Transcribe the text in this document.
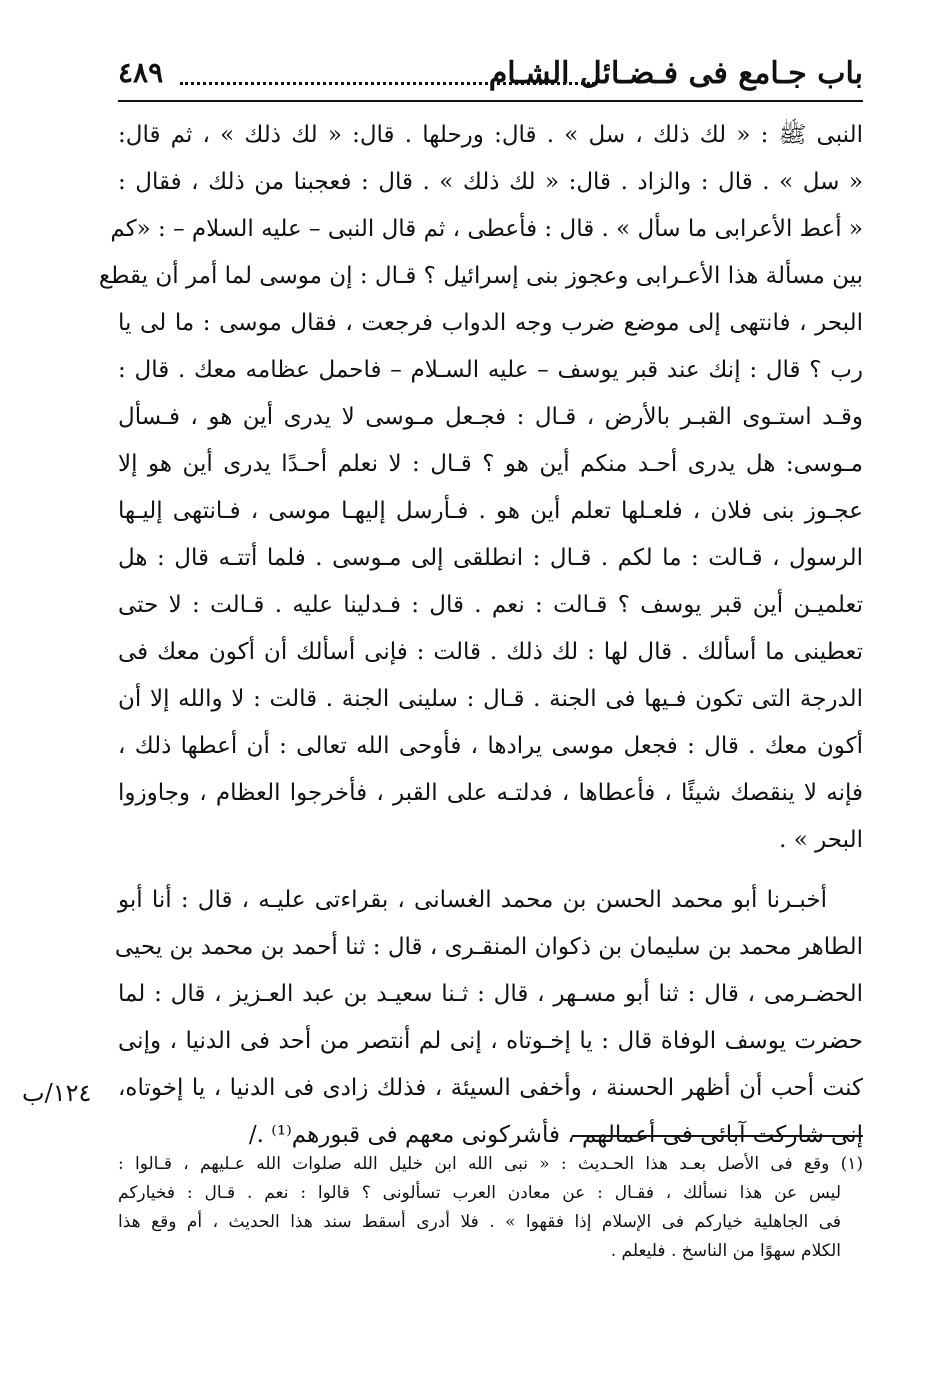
باب جـامع فى فـضـائل الشـام
٤٨٩
النبى ﷺ : « لك ذلك ، سل » . قال: ورحلها . قال: « لك ذلك » ، ثم قال:
« سل » . قال : والزاد . قال: « لك ذلك » . قال : فعجبنا من ذلك ، فقال :
« أعط الأعرابى ما سأل » . قال : فأعطى ، ثم قال النبى – عليه السلام – : «كم
بين مسألة هذا الأعـرابى وعجوز بنى إسرائيل ؟ قـال : إن موسى لما أمر أن يقطع
البحر ، فانتهى إلى موضع ضرب وجه الدواب فرجعت ، فقال موسى : ما لى يا
رب ؟ قال : إنك عند قبر يوسف – عليه السـلام – فاحمل عظامه معك . قال :
وقـد استـوى القبـر بالأرض ، قـال : فجـعل مـوسى لا يدرى أين هو ، فـسأل
مـوسى: هل يدرى أحـد منكم أين هو ؟ قـال : لا نعلم أحـدًا يدرى أين هو إلا
عجـوز بنى فلان ، فلعـلها تعلم أين هو . فـأرسل إليهـا موسى ، فـانتهى إليـها
الرسول ، قـالت : ما لكم . قـال : انطلقى إلى مـوسى . فلما أتتـه قال : هل
تعلميـن أين قبر يوسف ؟ قـالت : نعم . قال : فـدلينا عليه . قـالت : لا حتى
تعطينى ما أسألك . قال لها : لك ذلك . قالت : فإنى أسألك أن أكون معك فى
الدرجة التى تكون فـيها فى الجنة . قـال : سلينى الجنة . قالت : لا والله إلا أن
أكون معك . قال : فجعل موسى يرادها ، فأوحى الله تعالى : أن أعطها ذلك ،
فإنه لا ينقصك شيئًا ، فأعطاها ، فدلتـه على القبر ، فأخرجوا العظام ، وجاوزوا
البحر » .
أخبـرنا أبو محمد الحسن بن محمد الغسانى ، بقراءتى عليـه ، قال : أنا أبو
الطاهر محمد بن سليمان بن ذكوان المنقـرى ، قال : ثنا أحمد بن محمد بن يحيى
الحضـرمى ، قال : ثنا أبو مسـهر ، قال : ثـنا سعيـد بن عبد العـزيز ، قال : لما
حضرت يوسف الوفاة قال : يا إخـوتاه ، إنى لم أنتصر من أحد فى الدنيا ، وإنى
كنت أحب أن أظهر الحسنة ، وأخفى السيئة ، فذلك زادى فى الدنيا ، يا إخوتاه،
إنى شاركت آبائى فى أعمالهم ، فأشركونى معهم فى قبورهم⁽¹⁾ ./
١٢٤/ب
(١) وقع فى الأصل بعـد هذا الحـديث : « نبى الله ابن خليل الله صلوات الله عـليهم ، قـالوا :
ليس عن هذا نسألك ، فقـال : عن معادن العرب تسألونى ؟ قالوا : نعم . قـال : فخياركم
فى الجاهلية خياركم فى الإسلام إذا فقهوا » . فلا أدرى أسقط سند هذا الحديث ، أم وقع هذا
الكلام سهوًا من الناسخ . فليعلم .
